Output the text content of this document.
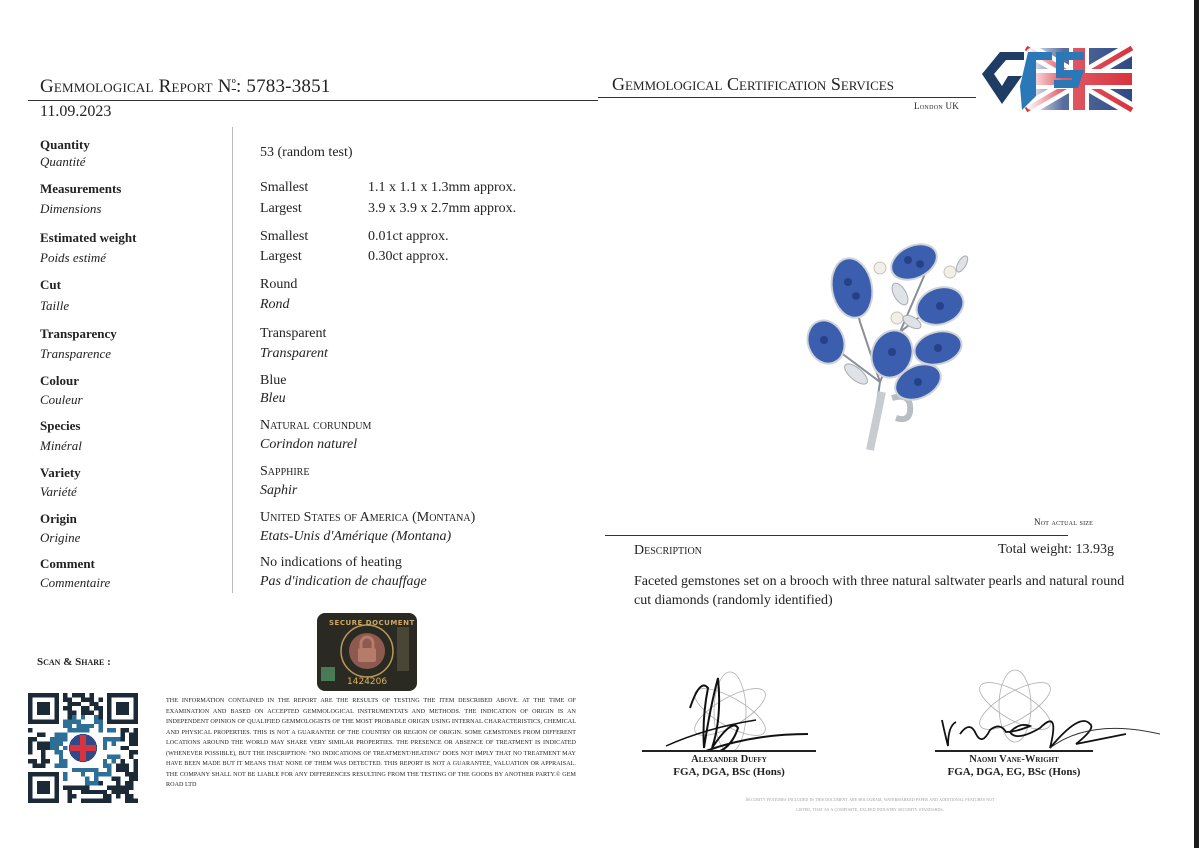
Gemmological Report $N^º$: 5783-3851
11.09.2023
Gemmological Certification Services
London UK
Quantity
Quantité
53 (random test)
Measurements
Dimensions
Smallest	1.1 x 1.1 x 1.3mm approx.
Largest	3.9 x 3.9 x 2.7mm approx.
Estimated weight
Poids estimé
Smallest	0.01ct approx.
Largest	0.30ct approx.
Cut
Taille
Round
Rond
Transparency
Transparence
Transparent
Transparent
Colour
Couleur
Blue
Bleu
Species
Minéral
Natural corundum
Corindon naturel
Variety
Variété
Sapphire
Saphir
Origin
Origine
United States of America (Montana)
Etats-Unis d'Amérique (Montana)
Comment
Commentaire
No indications of heating
Pas d'indication de chauffage
Not actual size
Description	Total weight: 13.93g
Faceted gemstones set on a brooch with three natural saltwater pearls and natural round cut diamonds (randomly identified)
SECURE DOCUMENT
1424206
Scan & Share :
THE INFORMATION CONTAINED IN THE REPORT ARE THE RESULTS OF TESTING THE ITEM DESCRIBED ABOVE. AT THE TIME OF EXAMINATION AND BASED ON ACCEPTED GEMMOLOGICAL INSTRUMENTATS AND METHODS. THE INDICATION OF ORIGIN IS AN INDEPENDENT OPINION OF QUALIFIED GEMMOLOGISTS OF THE MOST PROBABLE ORIGIN USING INTERNAL CHARACTERISTICS, CHEMICAL AND PHYSICAL PROPERTIES. THIS IS NOT A GUARANTEE OF THE COUNTRY OR REGION OF ORIGIN. SOME GEMSTONES FROM DIFFERENT LOCATIONS AROUND THE WORLD MAY SHARE VERY SIMILAR PROPERTIES. THE PRESENCE OR ABSENCE OF TREATMENT IS INDICATED (WHENEVER POSSIBLE), BUT THE INSCRIPTION: "NO INDICATIONS OF TREATMENT/HEATING" DOES NOT IMPLY THAT NO TREATMENT MAY HAVE BEEN MADE BUT IT MEANS THAT NONE OF THEM WAS DETECTED. THIS REPORT IS NOT A GUARANTEE, VALUATION OR APPRAISAL. THE COMPANY SHALL NOT BE LIABLE FOR ANY DIFFERENCES RESULTING FROM THE TESTING OF THE GOODS BY ANOTHER PARTY.© GEM ROAD LTD
Alexander Duffy
FGA, DGA, BSc (Hons)
Naomi Vane-Wright
FGA, DGA, EG, BSc (Hons)
Security features included in this document are hologram, watermarked paper and additional features not listed, that as a composite, exceed industry security standards.
